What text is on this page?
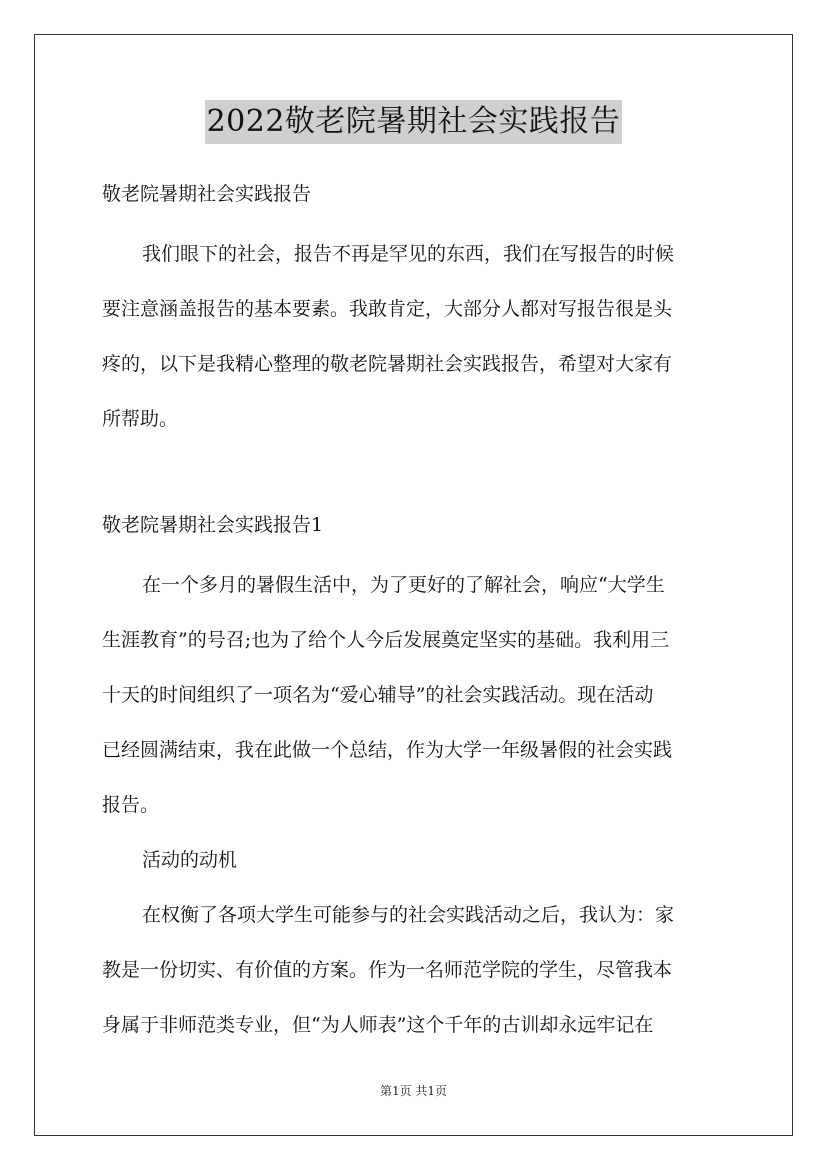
2022敬老院暑期社会实践报告
敬老院暑期社会实践报告
我们眼下的社会，报告不再是罕见的东西，我们在写报告的时候
要注意涵盖报告的基本要素。我敢肯定，大部分人都对写报告很是头
疼的，以下是我精心整理的敬老院暑期社会实践报告，希望对大家有
所帮助。
敬老院暑期社会实践报告1
在一个多月的暑假生活中，为了更好的了解社会，响应“大学生
生涯教育”的号召;也为了给个人今后发展奠定坚实的基础。我利用三
十天的时间组织了一项名为“爱心辅导”的社会实践活动。现在活动
已经圆满结束，我在此做一个总结，作为大学一年级暑假的社会实践
报告。
活动的动机
在权衡了各项大学生可能参与的社会实践活动之后，我认为：家
教是一份切实、有价值的方案。作为一名师范学院的学生，尽管我本
身属于非师范类专业，但“为人师表”这个千年的古训却永远牢记在
第1页 共1页
